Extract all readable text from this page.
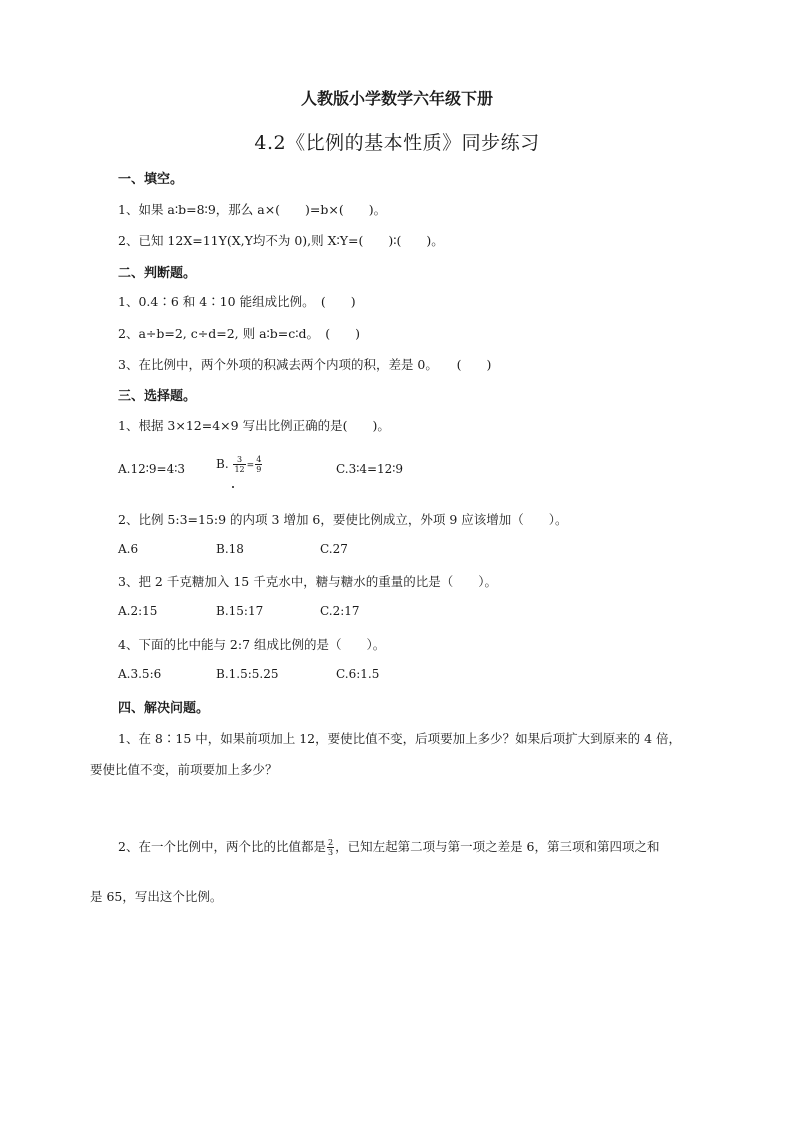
人教版小学数学六年级下册
4.2《比例的基本性质》同步练习
一、填空。
1、如果 a∶b=8∶9，那么 a×(　　)=b×(　　)。
2、已知 12X=11Y(X,Y均不为 0),则 X∶Y=(　　)∶(　　)。
二、判断题。
1、0.4∶6 和 4∶10 能组成比例。　(　　)
2、a÷b=2, c÷d=2, 则 a∶b=c∶d。　(　　)
3、在比例中，两个外项的积减去两个内项的积，差是 0。　　(　　)
三、选择题。
1、根据 3×12=4×9 写出比例正确的是(　　)。
A.12∶9=4∶3	B. $\frac{3}{12} = \frac{4}{9}$	C.3∶4=12∶9
2、比例 5:3=15:9 的内项 3 增加 6，要使比例成立，外项 9 应该增加（　　）。
A.6	B.18	C.27
3、把 2 千克糖加入 15 千克水中，糖与糖水的重量的比是（　　）。
A.2:15	B.15:17	C.2:17
4、下面的比中能与 2:7 组成比例的是（　　）。
A.3.5:6	B.1.5:5.25	C.6:1.5
四、解决问题。
1、在 8∶15 中，如果前项加上 12，要使比值不变，后项要加上多少？如果后项扩大到原来的 4 倍，
要使比值不变，前项要加上多少？
2、在一个比例中，两个比的比值都是 $\frac{2}{3}$ ，已知左起第二项与第一项之差是 6，第三项和第四项之和
是 65，写出这个比例。
